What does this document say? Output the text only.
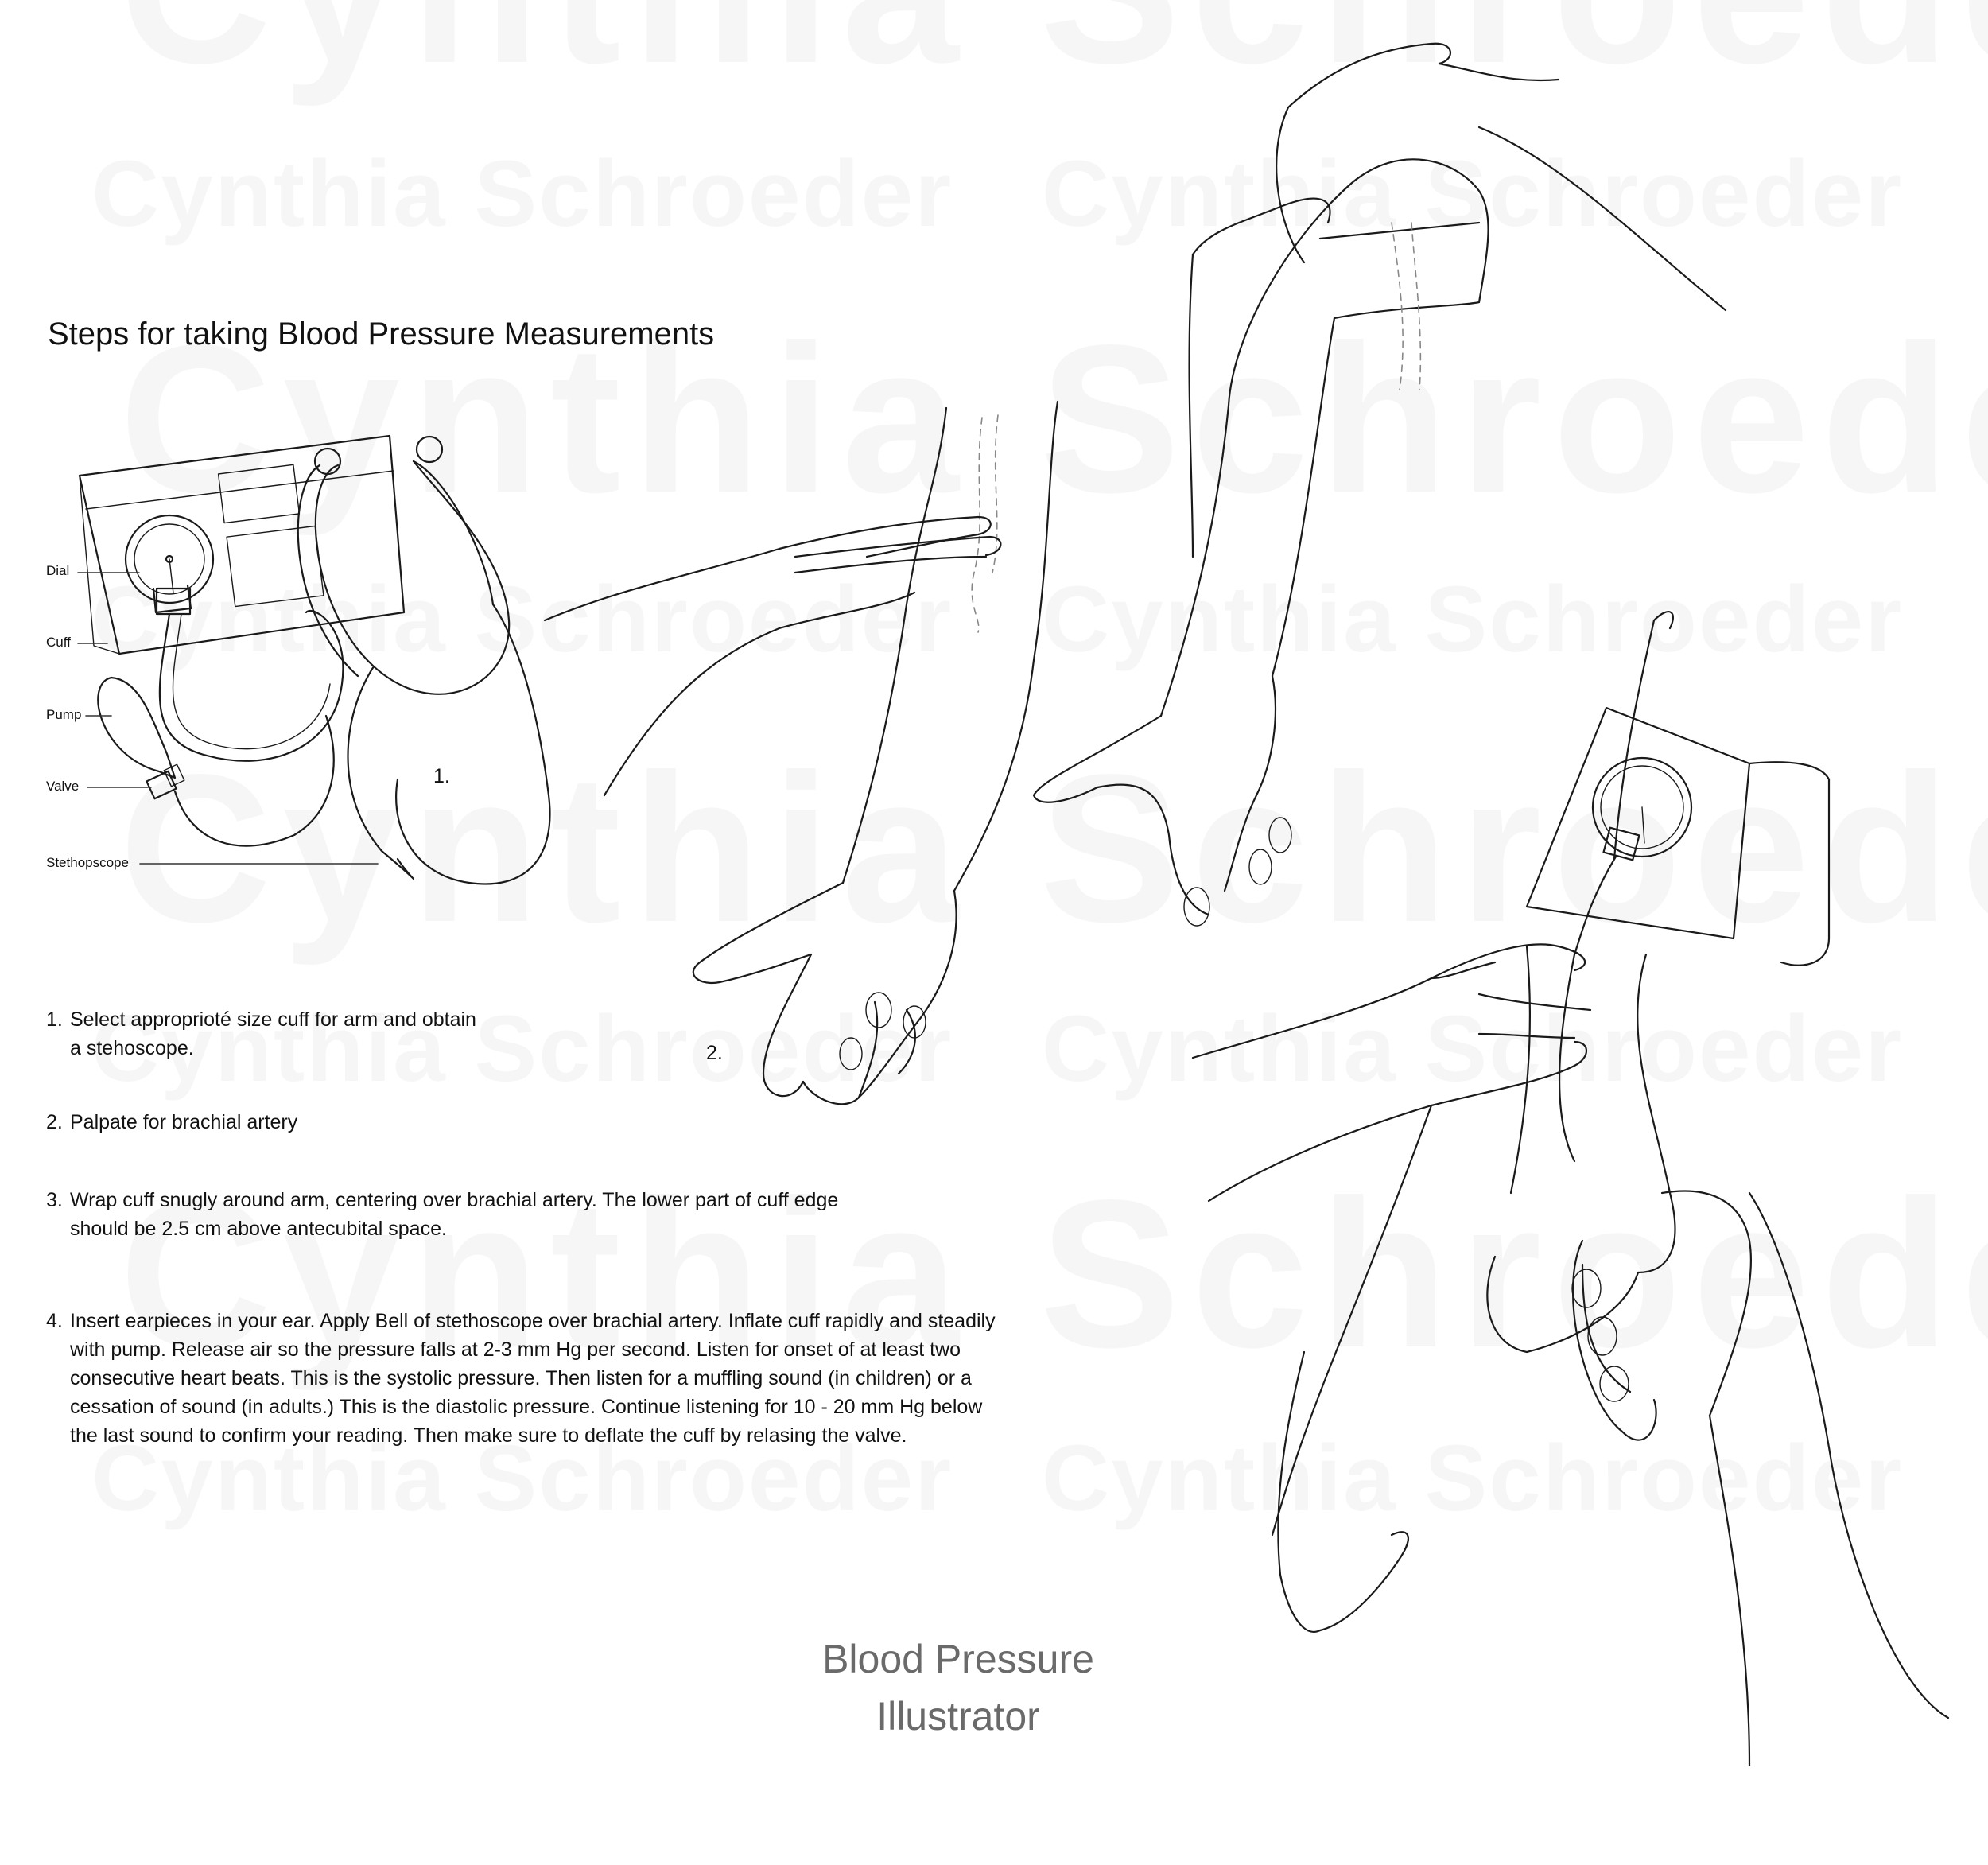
Steps for taking Blood Pressure Measurements
Dial
Cuff
Pump
Valve
Stethopscope
1.
2.
1. Select approprioté size cuff for arm and obtain a stehoscope.
2. Palpate for brachial artery
3. Wrap cuff snugly around arm, centering over brachial artery. The lower part of cuff edge should be 2.5 cm above antecubital space.
4. Insert earpieces in your ear. Apply Bell of stethoscope over brachial artery. Inflate cuff rapidly and steadily with pump. Release air so the pressure falls at 2-3 mm Hg per second. Listen for onset of at least two consecutive heart beats. This is the systolic pressure. Then listen for a muffling sound (in children) or a cessation of sound (in adults.) This is the diastolic pressure. Continue listening for 10 - 20 mm Hg below the last sound to confirm your reading. Then make sure to deflate the cuff by relasing the valve.
Blood Pressure
Illustrator
